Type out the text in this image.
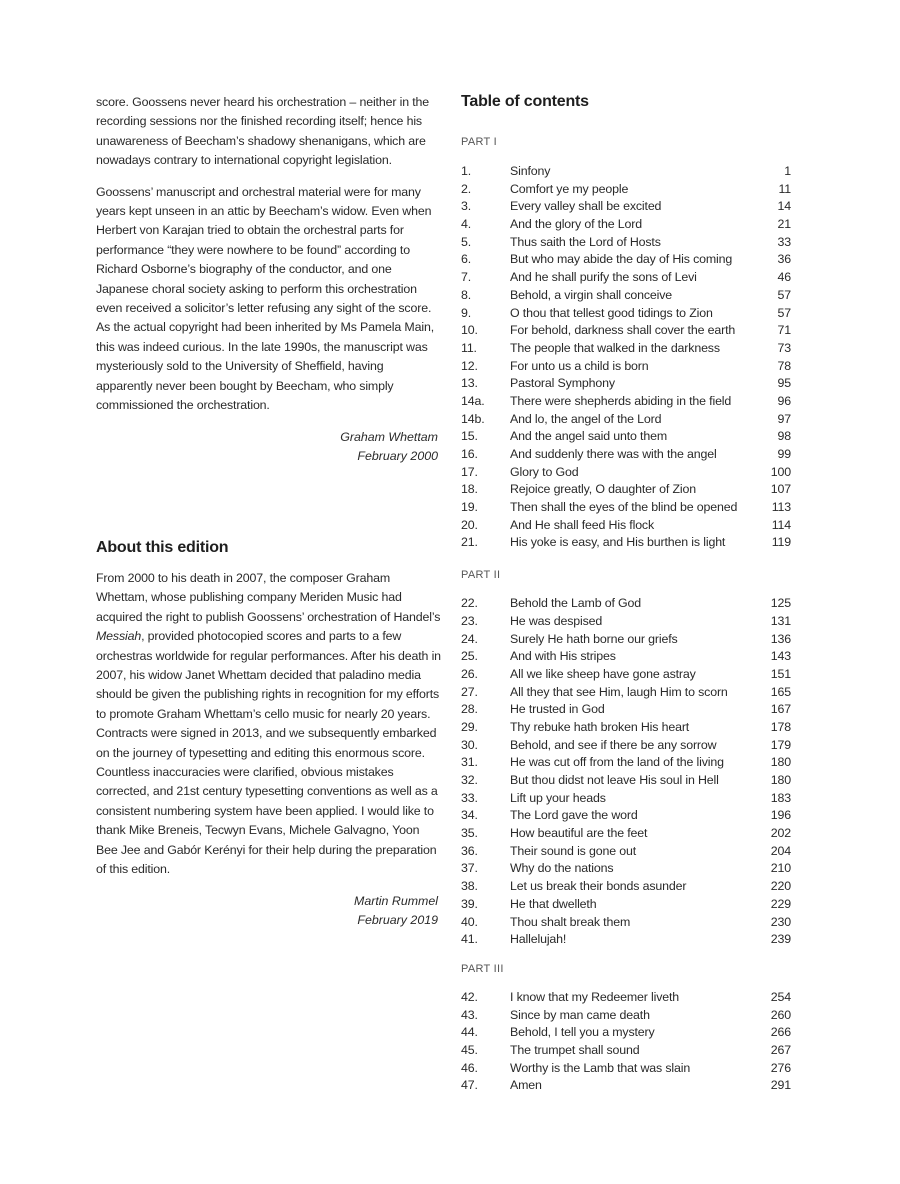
score. Goossens never heard his orchestration – neither in the recording sessions nor the finished recording itself; hence his unawareness of Beecham’s shadowy shenanigans, which are nowadays contrary to international copyright legislation.

Goossens’ manuscript and orchestral material were for many years kept unseen in an attic by Beecham’s widow. Even when Herbert von Karajan tried to obtain the orchestral parts for performance “they were nowhere to be found” according to Richard Osborne’s biography of the conductor, and one Japanese choral society asking to perform this orchestration even received a solicitor’s letter refusing any sight of the score. As the actual copyright had been inherited by Ms Pamela Main, this was indeed curious. In the late 1990s, the manuscript was mysteriously sold to the University of Sheffield, having apparently never been bought by Beecham, who simply commissioned the orchestration.

Graham Whettam
February 2000
About this edition

From 2000 to his death in 2007, the composer Graham Whettam, whose publishing company Meriden Music had acquired the right to publish Goossens’ orchestration of Handel’s Messiah, provided photocopied scores and parts to a few orchestras worldwide for regular performances. After his death in 2007, his widow Janet Whettam decided that paladino media should be given the publishing rights in recognition for my efforts to promote Graham Whettam’s cello music for nearly 20 years. Contracts were signed in 2013, and we subsequently embarked on the journey of typesetting and editing this enormous score. Countless inaccuracies were clarified, obvious mistakes corrected, and 21st century typesetting conventions as well as a consistent numbering system have been applied. I would like to thank Mike Breneis, Tecwyn Evans, Michele Galvagno, Yoon Bee Jee and Gabór Kerényi for their help during the preparation of this edition.

Martin Rummel
February 2019
Table of contents
PART I
1.	Sinfony	1
2.	Comfort ye my people	11
3.	Every valley shall be excited	14
4.	And the glory of the Lord	21
5.	Thus saith the Lord of Hosts	33
6.	But who may abide the day of His coming	36
7.	And he shall purify the sons of Levi	46
8.	Behold, a virgin shall conceive	57
9.	O thou that tellest good tidings to Zion	57
10.	For behold, darkness shall cover the earth	71
11.	The people that walked in the darkness	73
12.	For unto us a child is born	78
13.	Pastoral Symphony	95
14a.	There were shepherds abiding in the field	96
14b.	And lo, the angel of the Lord	97
15.	And the angel said unto them	98
16.	And suddenly there was with the angel	99
17.	Glory to God	100
18.	Rejoice greatly, O daughter of Zion	107
19.	Then shall the eyes of the blind be opened	113
20.	And He shall feed His flock	114
21.	His yoke is easy, and His burthen is light	119
PART II
22.	Behold the Lamb of God	125
23.	He was despised	131
24.	Surely He hath borne our griefs	136
25.	And with His stripes	143
26.	All we like sheep have gone astray	151
27.	All they that see Him, laugh Him to scorn	165
28.	He trusted in God	167
29.	Thy rebuke hath broken His heart	178
30.	Behold, and see if there be any sorrow	179
31.	He was cut off from the land of the living	180
32.	But thou didst not leave His soul in Hell	180
33.	Lift up your heads	183
34.	The Lord gave the word	196
35.	How beautiful are the feet	202
36.	Their sound is gone out	204
37.	Why do the nations	210
38.	Let us break their bonds asunder	220
39.	He that dwelleth	229
40.	Thou shalt break them	230
41.	Hallelujah!	239
PART III
42.	I know that my Redeemer liveth	254
43.	Since by man came death	260
44.	Behold, I tell you a mystery	266
45.	The trumpet shall sound	267
46.	Worthy is the Lamb that was slain	276
47.	Amen	291
